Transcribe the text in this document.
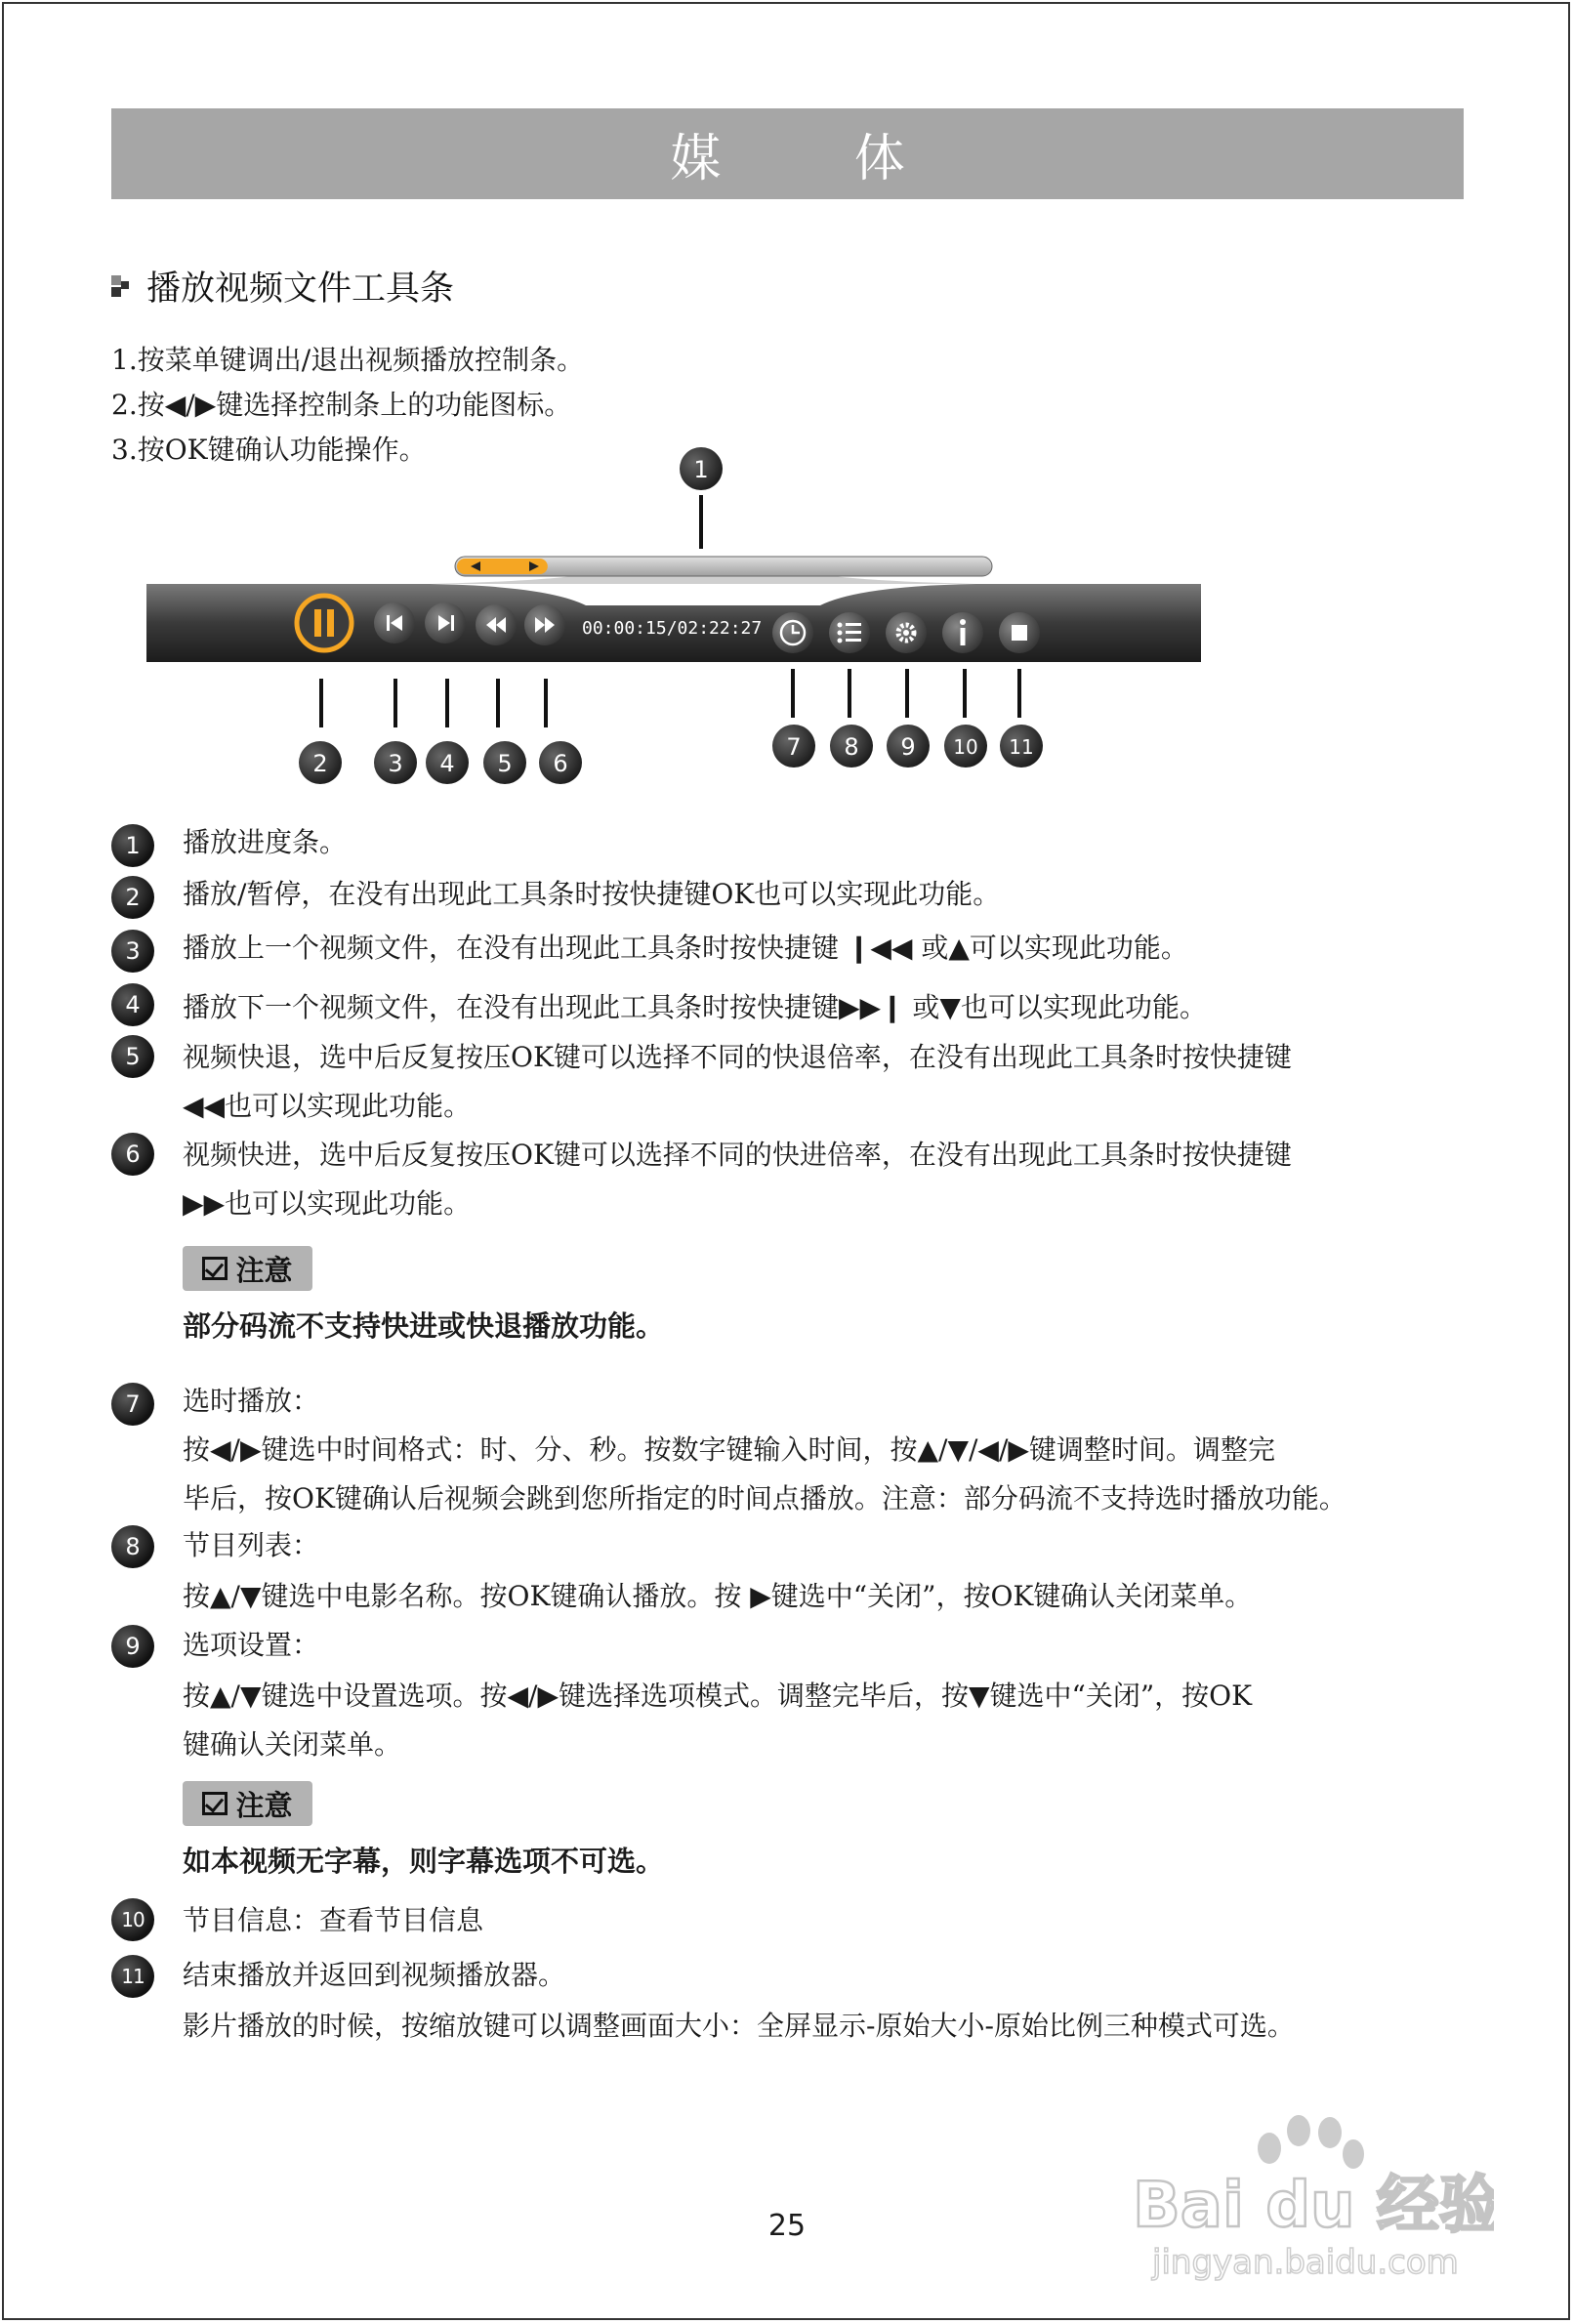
媒 体
播放视频文件工具条
1.按菜单键调出/退出视频播放控制条。
2.按◀/▶键选择控制条上的功能图标。
3.按OK键确认功能操作。
1
00:00:15/02:22:27
2	3 4 5 6
7 8 9 10 11
1 播放进度条。
2 播放/暂停，在没有出现此工具条时按快捷键OK也可以实现此功能。
3 播放上一个视频文件，在没有出现此工具条时按快捷键 ❙◀◀ 或▲可以实现此功能。
4 播放下一个视频文件，在没有出现此工具条时按快捷键▶▶❙ 或▼也可以实现此功能。
5 视频快退，选中后反复按压OK键可以选择不同的快退倍率，在没有出现此工具条时按快捷键
◀◀也可以实现此功能。
6 视频快进，选中后反复按压OK键可以选择不同的快进倍率，在没有出现此工具条时按快捷键
▶▶也可以实现此功能。
注意
部分码流不支持快进或快退播放功能。
7 选时播放：
按◀/▶键选中时间格式：时、分、秒。按数字键输入时间，按▲/▼/◀/▶键调整时间。调整完
毕后，按OK键确认后视频会跳到您所指定的时间点播放。注意：部分码流不支持选时播放功能。
8 节目列表：
按▲/▼键选中电影名称。按OK键确认播放。按 ▶键选中“关闭”，按OK键确认关闭菜单。
9 选项设置：
按▲/▼键选中设置选项。按◀/▶键选择选项模式。调整完毕后，按▼键选中“关闭”，按OK
键确认关闭菜单。
注意
如本视频无字幕，则字幕选项不可选。
10 节目信息：查看节目信息
11 结束播放并返回到视频播放器。
影片播放的时候，按缩放键可以调整画面大小：全屏显示-原始大小-原始比例三种模式可选。
25	Bai du 经验
jingyan.baidu.com
